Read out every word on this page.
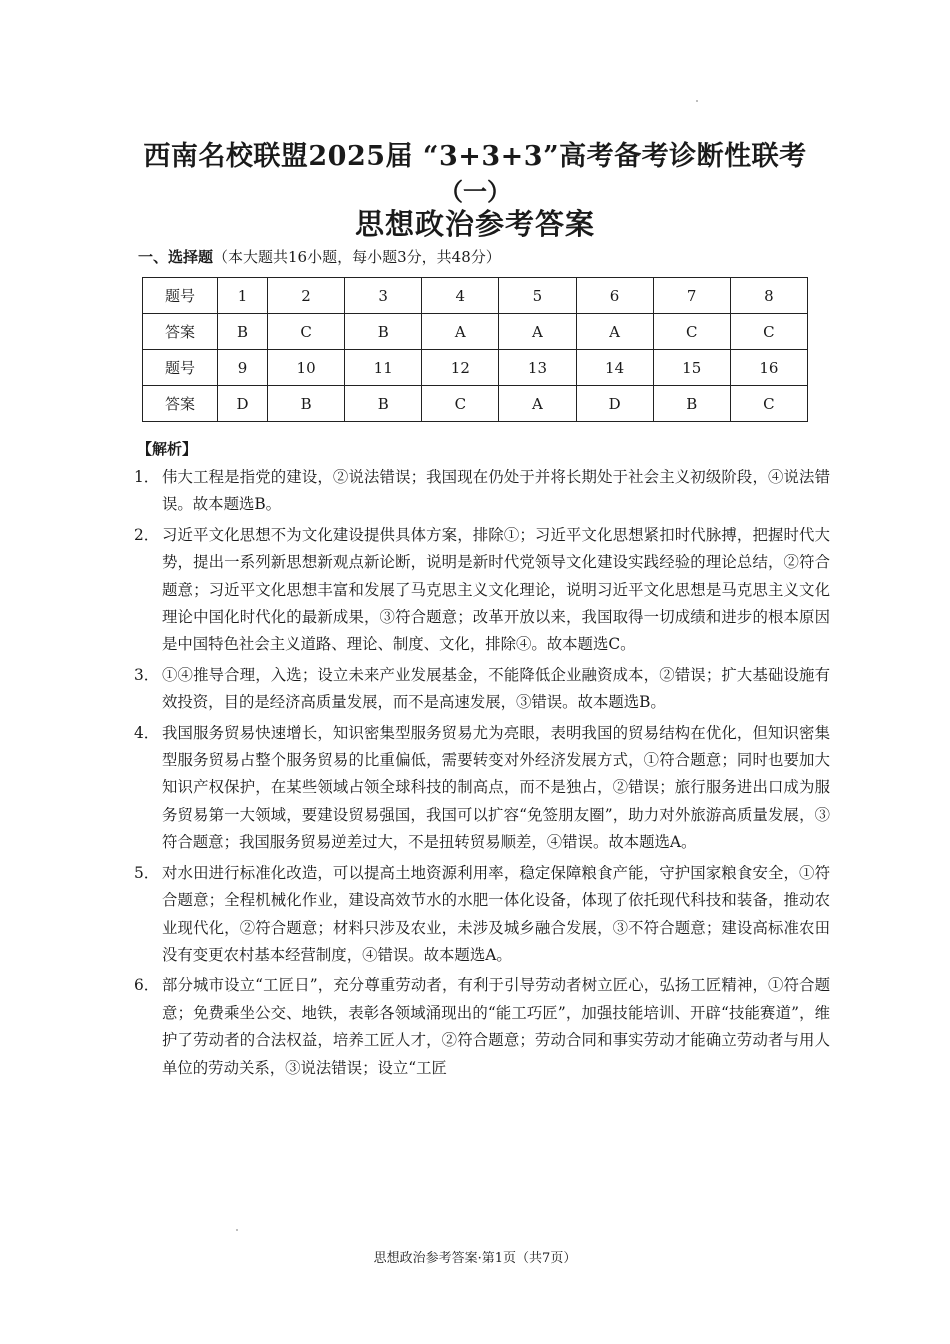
西南名校联盟2025届 “3+3+3”高考备考诊断性联考
（一）
思想政治参考答案
一、选择题（本大题共16小题，每小题3分，共48分）
题号	1	2	3	4	5	6	7	8
答案	B	C	B	A	A	A	C	C
题号	9	10	11	12	13	14	15	16
答案	D	B	B	C	A	D	B	C
【解析】
1． 伟大工程是指党的建设，②说法错误；我国现在仍处于并将长期处于社会主义初级阶段，④说法错误。故本题选B。
2． 习近平文化思想不为文化建设提供具体方案，排除①；习近平文化思想紧扣时代脉搏，把握时代大势，提出一系列新思想新观点新论断，说明是新时代党领导文化建设实践经验的理论总结，②符合题意；习近平文化思想丰富和发展了马克思主义文化理论，说明习近平文化思想是马克思主义文化理论中国化时代化的最新成果，③符合题意；改革开放以来，我国取得一切成绩和进步的根本原因是中国特色社会主义道路、理论、制度、文化，排除④。故本题选C。
3． ①④推导合理，入选；设立未来产业发展基金，不能降低企业融资成本，②错误；扩大基础设施有效投资，目的是经济高质量发展，而不是高速发展，③错误。故本题选B。
4． 我国服务贸易快速增长，知识密集型服务贸易尤为亮眼，表明我国的贸易结构在优化，但知识密集型服务贸易占整个服务贸易的比重偏低，需要转变对外经济发展方式，①符合题意；同时也要加大知识产权保护，在某些领域占领全球科技的制高点，而不是独占，②错误；旅行服务进出口成为服务贸易第一大领域，要建设贸易强国，我国可以扩容“免签朋友圈”，助力对外旅游高质量发展，③符合题意；我国服务贸易逆差过大，不是扭转贸易顺差，④错误。故本题选A。
5． 对水田进行标准化改造，可以提高土地资源利用率，稳定保障粮食产能，守护国家粮食安全，①符合题意；全程机械化作业，建设高效节水的水肥一体化设备，体现了依托现代科技和装备，推动农业现代化，②符合题意；材料只涉及农业，未涉及城乡融合发展，③不符合题意；建设高标准农田没有变更农村基本经营制度，④错误。故本题选A。
6． 部分城市设立“工匠日”，充分尊重劳动者，有利于引导劳动者树立匠心，弘扬工匠精神，①符合题意；免费乘坐公交、地铁，表彰各领域涌现出的“能工巧匠”，加强技能培训、开辟“技能赛道”，维护了劳动者的合法权益，培养工匠人才，②符合题意；劳动合同和事实劳动才能确立劳动者与用人单位的劳动关系，③说法错误；设立“工匠
思想政治参考答案·第1页（共7页）
